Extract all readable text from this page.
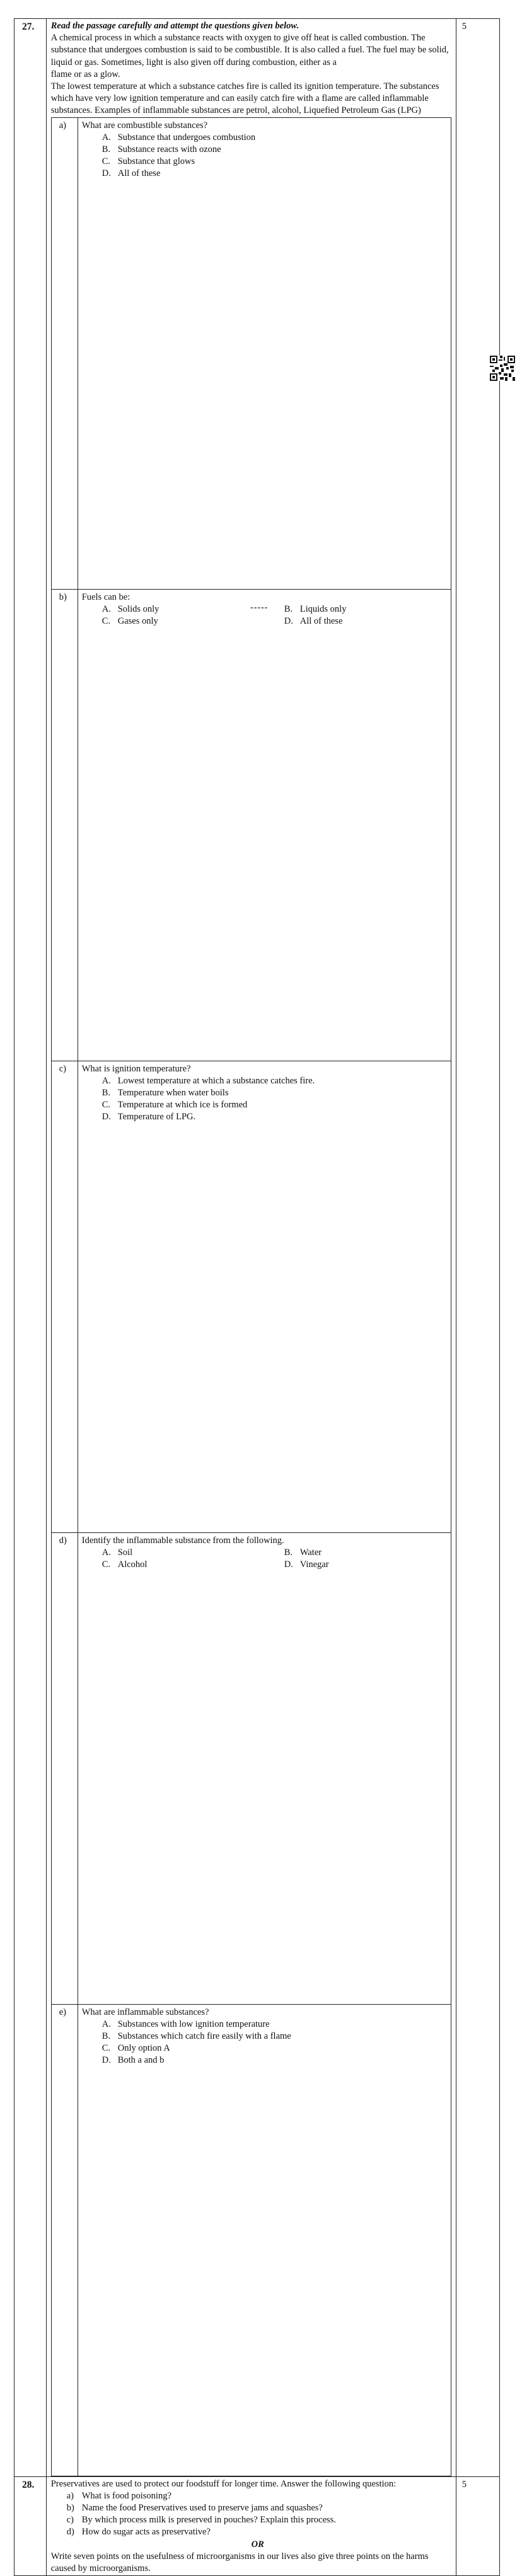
27.	Read the passage carefully and attempt the questions given below.

A chemical process in which a substance reacts with oxygen to give off heat is called combustion. The substance that undergoes combustion is said to be combustible. It is also called a fuel. The fuel may be solid, liquid or gas. Sometimes, light is also given off during combustion, either as a

flame or as a glow.

The lowest temperature at which a substance catches fire is called its ignition temperature. The substances which have very low ignition temperature and can easily catch fire with a flame are called inflammable substances. Examples of inflammable substances are petrol, alcohol, Liquefied Petroleum Gas (LPG)

a)	What are combustible substances?
A. Substance that undergoes combustion
B. Substance reacts with ozone
C. Substance that glows
D. All of these

b)	Fuels can be:
A. Solids only	B. Liquids only
C. Gases only	D. All of these

c)	What is ignition temperature?
A. Lowest temperature at which a substance catches fire.
B. Temperature when water boils
C. Temperature at which ice is formed
D. Temperature of LPG.

d)	Identify the inflammable substance from the following.
A. Soil	B. Water
C. Alcohol	D. Vinegar

e)	What are inflammable substances?
A. Substances with low ignition temperature
B. Substances which catch fire easily with a flame
C. Only option A
D. Both a and b
	5
28.	Preservatives are used to protect our foodstuff for longer time. Answer the following question:
a) What is food poisoning?
b) Name the food Preservatives used to preserve jams and squashes?
c) By which process milk is preserved in pouches? Explain this process.
d) How do sugar acts as preservative?
OR
Write seven points on the usefulness of microorganisms in our lives also give three points on the harms caused by microorganisms.
	5
-----
